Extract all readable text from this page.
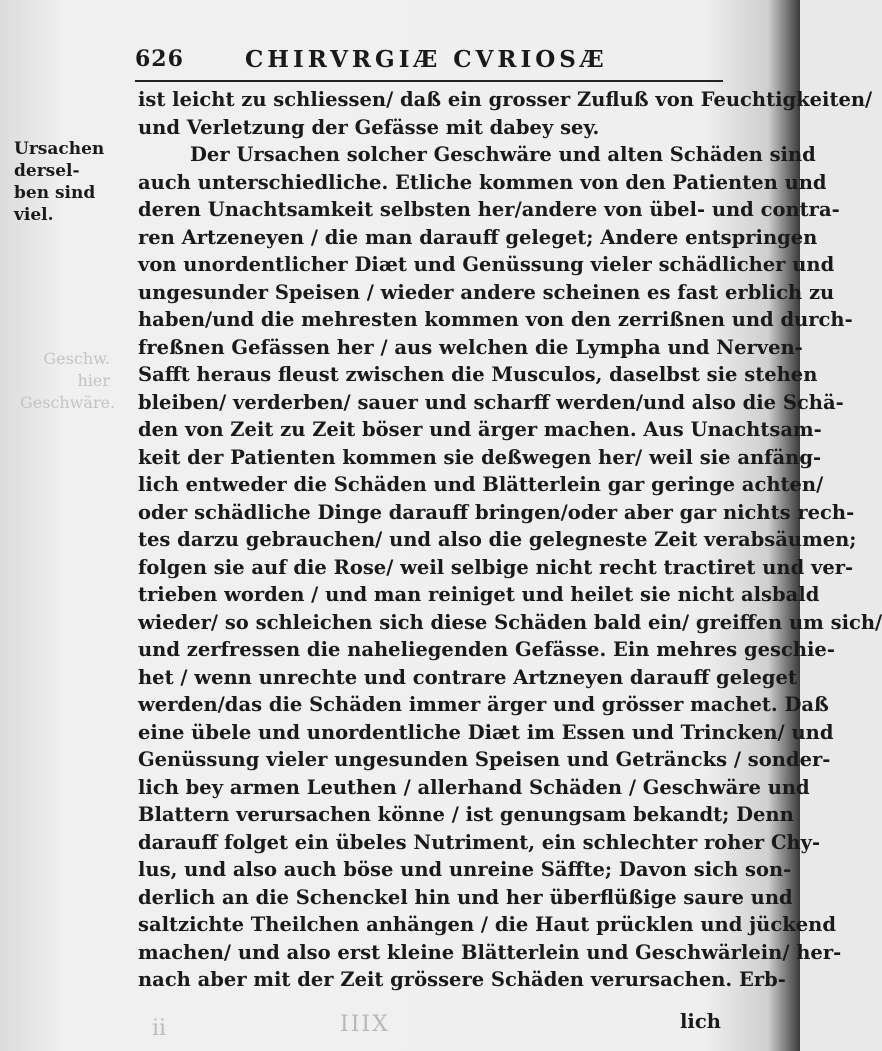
626	CHIRVRGIÆ CVRIOSÆ
Ursachen dersel-
ben sind viel.
Geschw. hier
Geschwäre.
ist leicht zu schliessen/ daß ein grosser Zufluß von Feuchtigkeiten/
und Verletzung der Gefässe mit dabey sey.
Der Ursachen solcher Geschwäre und alten Schäden sind
auch unterschiedliche. Etliche kommen von den Patienten und
deren Unachtsamkeit selbsten her/andere von übel- und contra-
ren Artzeneyen / die man darauff geleget; Andere entspringen
von unordentlicher Diæt und Genüssung vieler schädlicher und
ungesunder Speisen / wieder andere scheinen es fast erblich zu
haben/und die mehresten kommen von den zerrißnen und durch-
freßnen Gefässen her / aus welchen die Lympha und Nerven-
Safft heraus fleust zwischen die Musculos, daselbst sie stehen
bleiben/ verderben/ sauer und scharff werden/und also die Schä-
den von Zeit zu Zeit böser und ärger machen. Aus Unachtsam-
keit der Patienten kommen sie deßwegen her/ weil sie anfäng-
lich entweder die Schäden und Blätterlein gar geringe achten/
oder schädliche Dinge darauff bringen/oder aber gar nichts rech-
tes darzu gebrauchen/ und also die gelegneste Zeit verabsäumen;
folgen sie auf die Rose/ weil selbige nicht recht tractiret und ver-
trieben worden / und man reiniget und heilet sie nicht alsbald
wieder/ so schleichen sich diese Schäden bald ein/ greiffen um sich/
und zerfressen die naheliegenden Gefässe. Ein mehres geschie-
het / wenn unrechte und contrare Artzneyen darauff geleget
werden/das die Schäden immer ärger und grösser machet. Daß
eine übele und unordentliche Diæt im Essen und Trincken/ und
Genüssung vieler ungesunden Speisen und Geträncks / sonder-
lich bey armen Leuthen / allerhand Schäden / Geschwäre und
Blattern verursachen könne / ist genungsam bekandt; Denn
darauff folget ein übeles Nutriment, ein schlechter roher Chy-
lus, und also auch böse und unreine Säffte; Davon sich son-
derlich an die Schenckel hin und her überflüßige saure und
saltzichte Theilchen anhängen / die Haut prücklen und jückend
machen/ und also erst kleine Blätterlein und Geschwärlein/ her-
nach aber mit der Zeit grössere Schäden verursachen. Erb-
ii	IIIX	lich
